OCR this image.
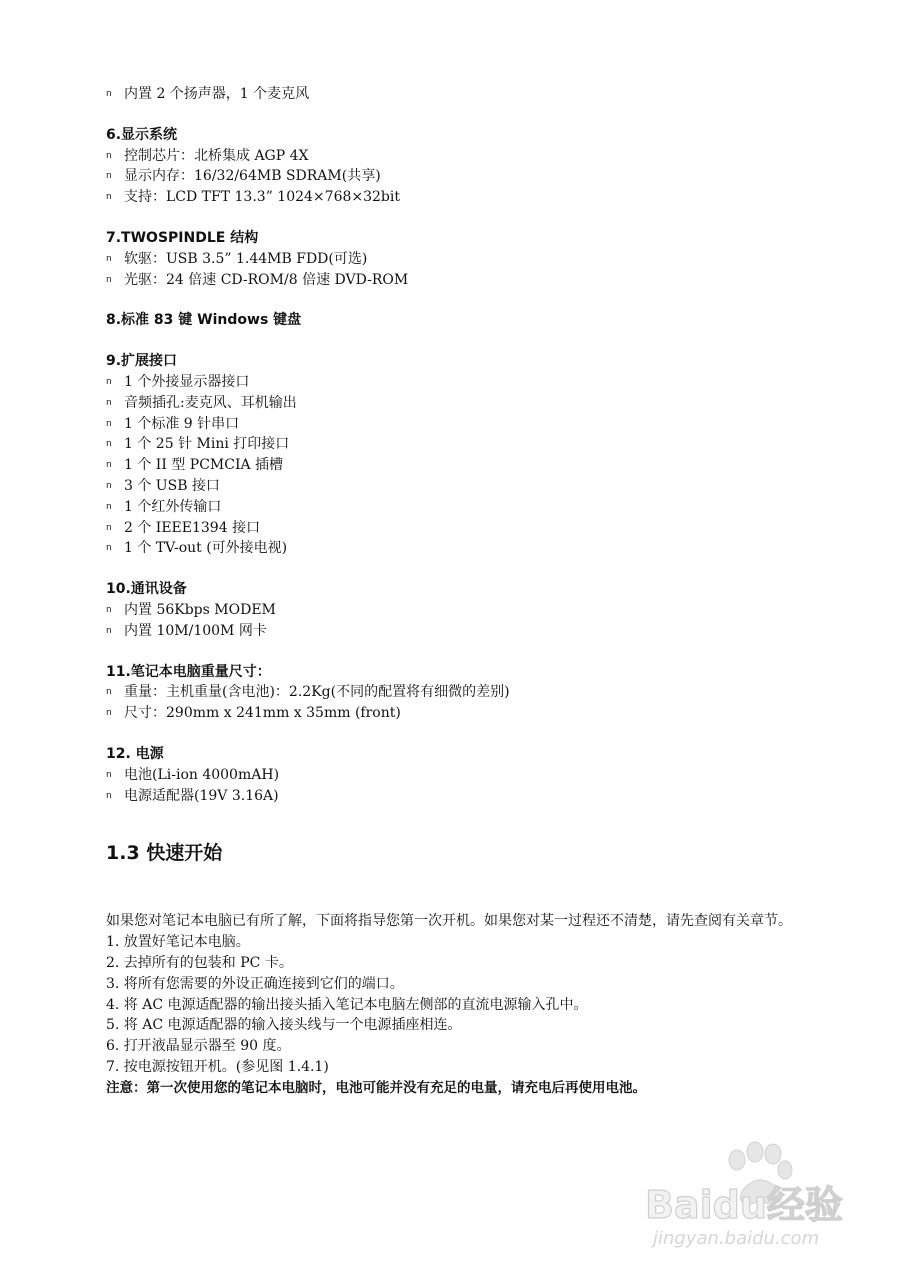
n 内置 2 个扬声器，1 个麦克风
6.显示系统
n 控制芯片：北桥集成 AGP 4X
n 显示内存：16/32/64MB SDRAM(共享)
n 支持：LCD TFT 13.3” 1024×768×32bit
7.TWOSPINDLE 结构
n 软驱：USB 3.5” 1.44MB FDD(可选)
n 光驱：24 倍速 CD-ROM/8 倍速 DVD-ROM
8.标准 83 键 Windows 键盘
9.扩展接口
n 1 个外接显示器接口
n 音频插孔:麦克风、耳机输出
n 1 个标准 9 针串口
n 1 个 25 针 Mini 打印接口
n 1 个 II 型 PCMCIA 插槽
n 3 个 USB 接口
n 1 个红外传输口
n 2 个 IEEE1394 接口
n 1 个 TV-out (可外接电视)
10.通讯设备
n 内置 56Kbps MODEM
n 内置 10M/100M 网卡
11.笔记本电脑重量尺寸：
n 重量：主机重量(含电池)：2.2Kg(不同的配置将有细微的差别)
n 尺寸：290mm x 241mm x 35mm (front)
12. 电源
n 电池(Li-ion 4000mAH)
n 电源适配器(19V 3.16A)
1.3 快速开始
如果您对笔记本电脑已有所了解，下面将指导您第一次开机。如果您对某一过程还不清楚，请先查阅有关章节。
1. 放置好笔记本电脑。
2. 去掉所有的包装和 PC 卡。
3. 将所有您需要的外设正确连接到它们的端口。
4. 将 AC 电源适配器的输出接头插入笔记本电脑左侧部的直流电源输入孔中。
5. 将 AC 电源适配器的输入接头线与一个电源插座相连。
6. 打开液晶显示器至 90 度。
7. 按电源按钮开机。(参见图 1.4.1)
注意：第一次使用您的笔记本电脑时，电池可能并没有充足的电量，请充电后再使用电池。
Baidu经验
jingyan.baidu.com
